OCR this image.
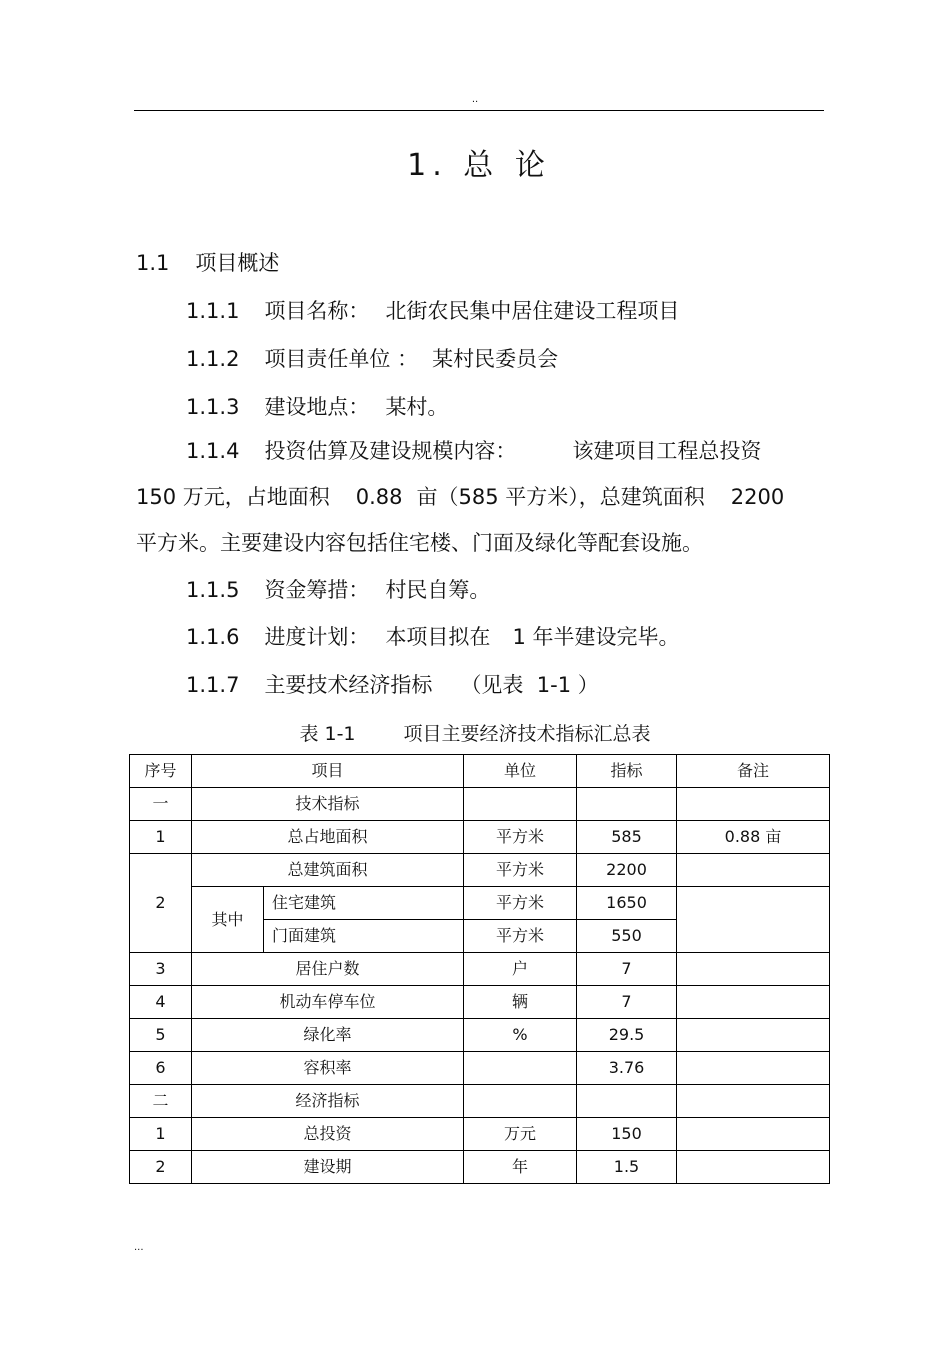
..
1. 总 论
1.1 项目概述
1.1.1 项目名称： 北街农民集中居住建设工程项目
1.1.2 项目责任单位 ： 某村民委员会
1.1.3 建设地点： 某村。
1.1.4 投资估算及建设规模内容：	该建项目工程总投资
150 万元，占地面积 0.88 亩（585 平方米），总建筑面积 2200
平方米。主要建设内容包括住宅楼、门面及绿化等配套设施。
1.1.5 资金筹措： 村民自筹。
1.1.6 进度计划： 本项目拟在 1 年半建设完毕。
1.1.7 主要技术经济指标 （见表  1-1 ）
表 1-1	项目主要经济技术指标汇总表
序号	项目		单位	指标	备注
一	技术指标				
1	总占地面积		平方米	585	0.88 亩
2	总建筑面积		平方米	2200	
	其中	住宅建筑	平方米	1650	
		门面建筑	平方米	550	
3	居住户数		户	7	
4	机动车停车位		辆	7	
5	绿化率		%	29.5	
6	容积率			3.76	
二	经济指标				
1	总投资		万元	150	
2	建设期		年	1.5	
...
